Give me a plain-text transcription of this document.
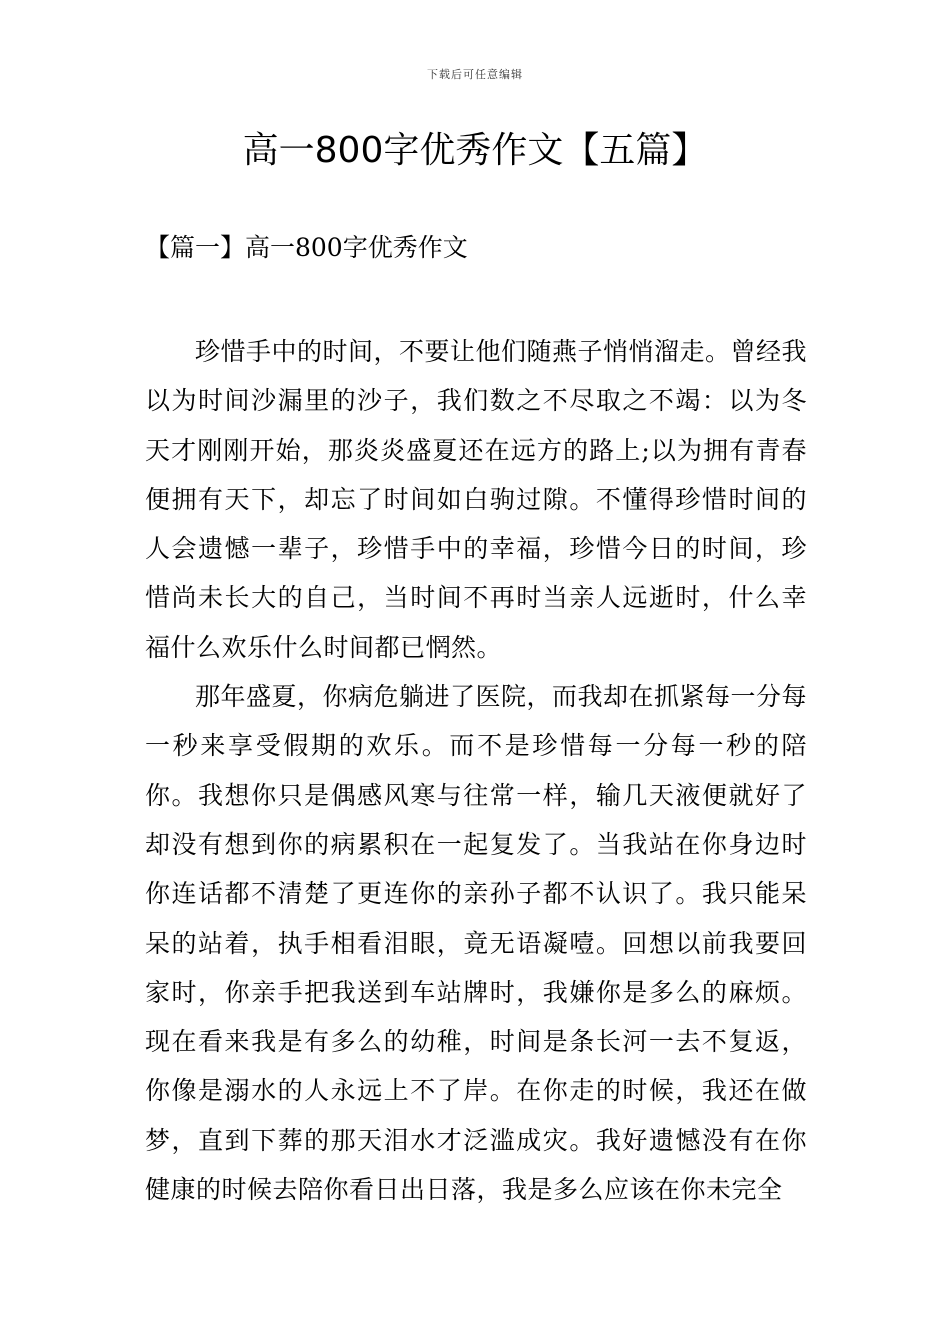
下载后可任意编辑
高一800字优秀作文【五篇】
【篇一】高一800字优秀作文

珍惜手中的时间，不要让他们随燕子悄悄溜走。曾经我以为时间沙漏里的沙子，我们数之不尽取之不竭：以为冬天才刚刚开始，那炎炎盛夏还在远方的路上;以为拥有青春便拥有天下，却忘了时间如白驹过隙。不懂得珍惜时间的人会遗憾一辈子，珍惜手中的幸福，珍惜今日的时间，珍惜尚未长大的自己，当时间不再时当亲人远逝时，什么幸福什么欢乐什么时间都已惘然。

那年盛夏，你病危躺进了医院，而我却在抓紧每一分每一秒来享受假期的欢乐。而不是珍惜每一分每一秒的陪你。我想你只是偶感风寒与往常一样，输几天液便就好了却没有想到你的病累积在一起复发了。当我站在你身边时你连话都不清楚了更连你的亲孙子都不认识了。我只能呆呆的站着，执手相看泪眼，竟无语凝噎。回想以前我要回家时，你亲手把我送到车站牌时，我嫌你是多么的麻烦。现在看来我是有多么的幼稚，时间是条长河一去不复返，你像是溺水的人永远上不了岸。在你走的时候，我还在做梦，直到下葬的那天泪水才泛滥成灾。我好遗憾没有在你健康的时候去陪你看日出日落，我是多么应该在你未完全
